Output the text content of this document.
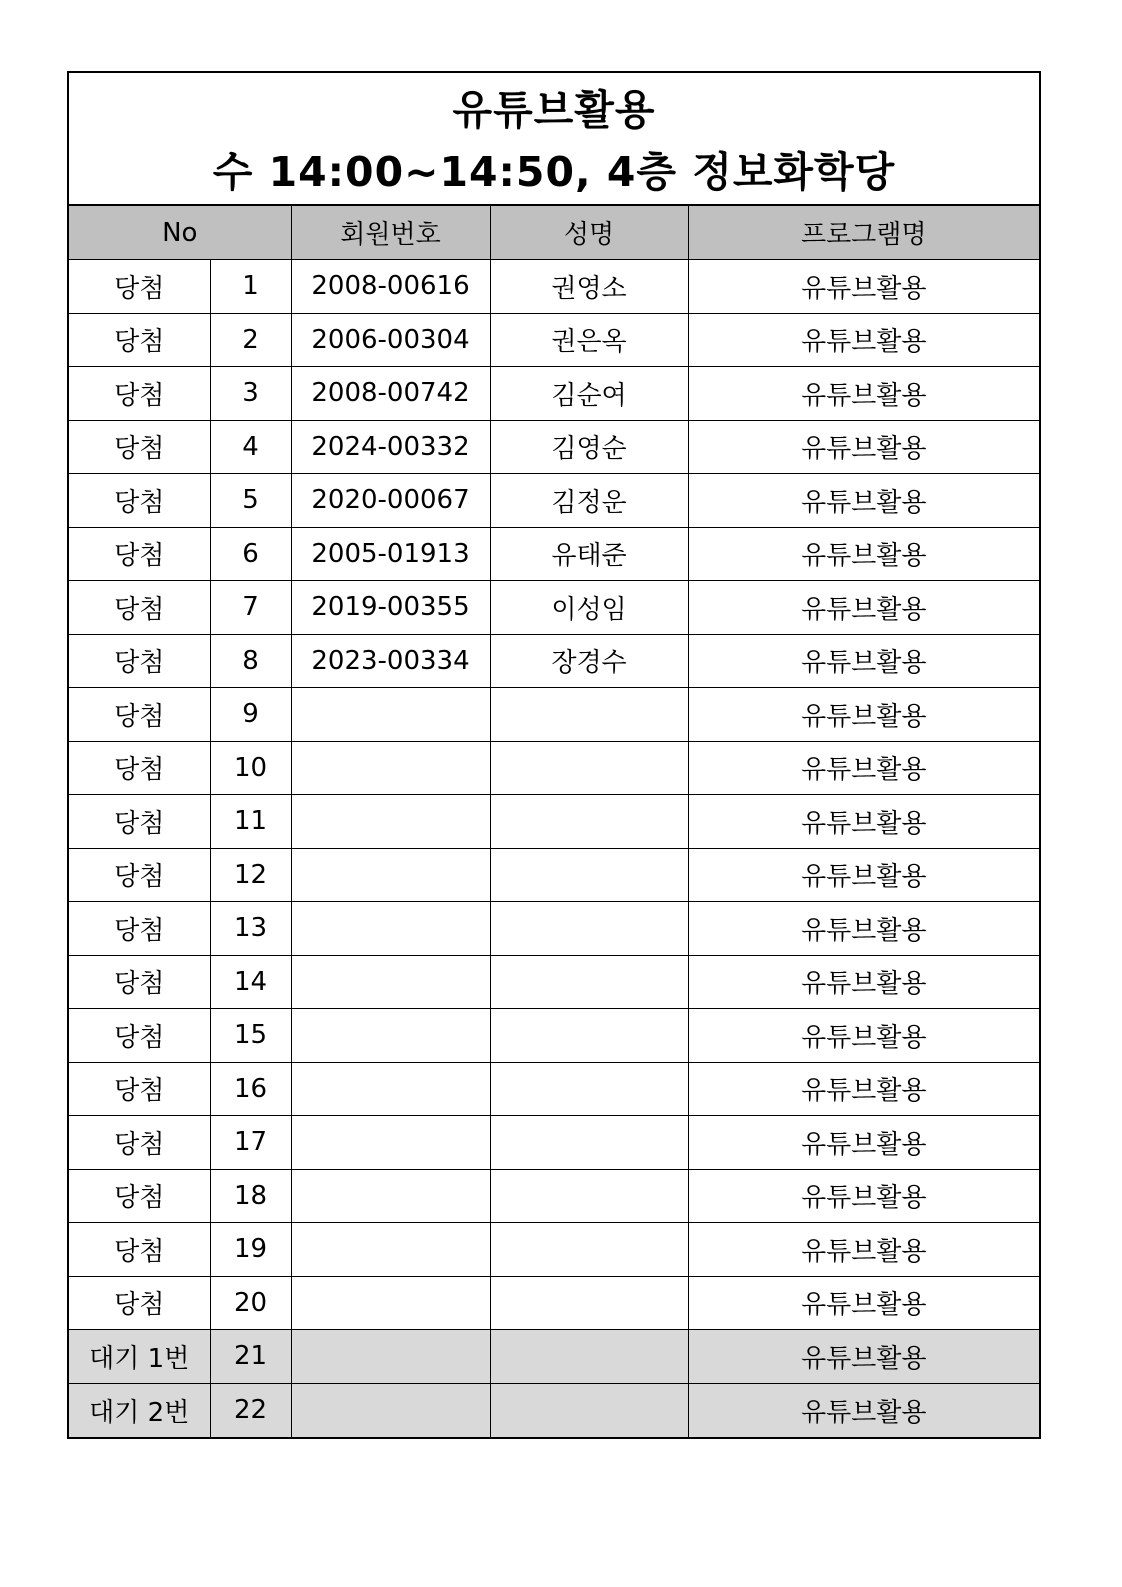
유튜브활용
수 14:00~14:50, 4층 정보화학당
No		회원번호	성명	프로그램명
당첨	1	2008-00616	권영소	유튜브활용
당첨	2	2006-00304	권은옥	유튜브활용
당첨	3	2008-00742	김순여	유튜브활용
당첨	4	2024-00332	김영순	유튜브활용
당첨	5	2020-00067	김정운	유튜브활용
당첨	6	2005-01913	유태준	유튜브활용
당첨	7	2019-00355	이성임	유튜브활용
당첨	8	2023-00334	장경수	유튜브활용
당첨	9			유튜브활용
당첨	10			유튜브활용
당첨	11			유튜브활용
당첨	12			유튜브활용
당첨	13			유튜브활용
당첨	14			유튜브활용
당첨	15			유튜브활용
당첨	16			유튜브활용
당첨	17			유튜브활용
당첨	18			유튜브활용
당첨	19			유튜브활용
당첨	20			유튜브활용
대기 1번	21			유튜브활용
대기 2번	22			유튜브활용
